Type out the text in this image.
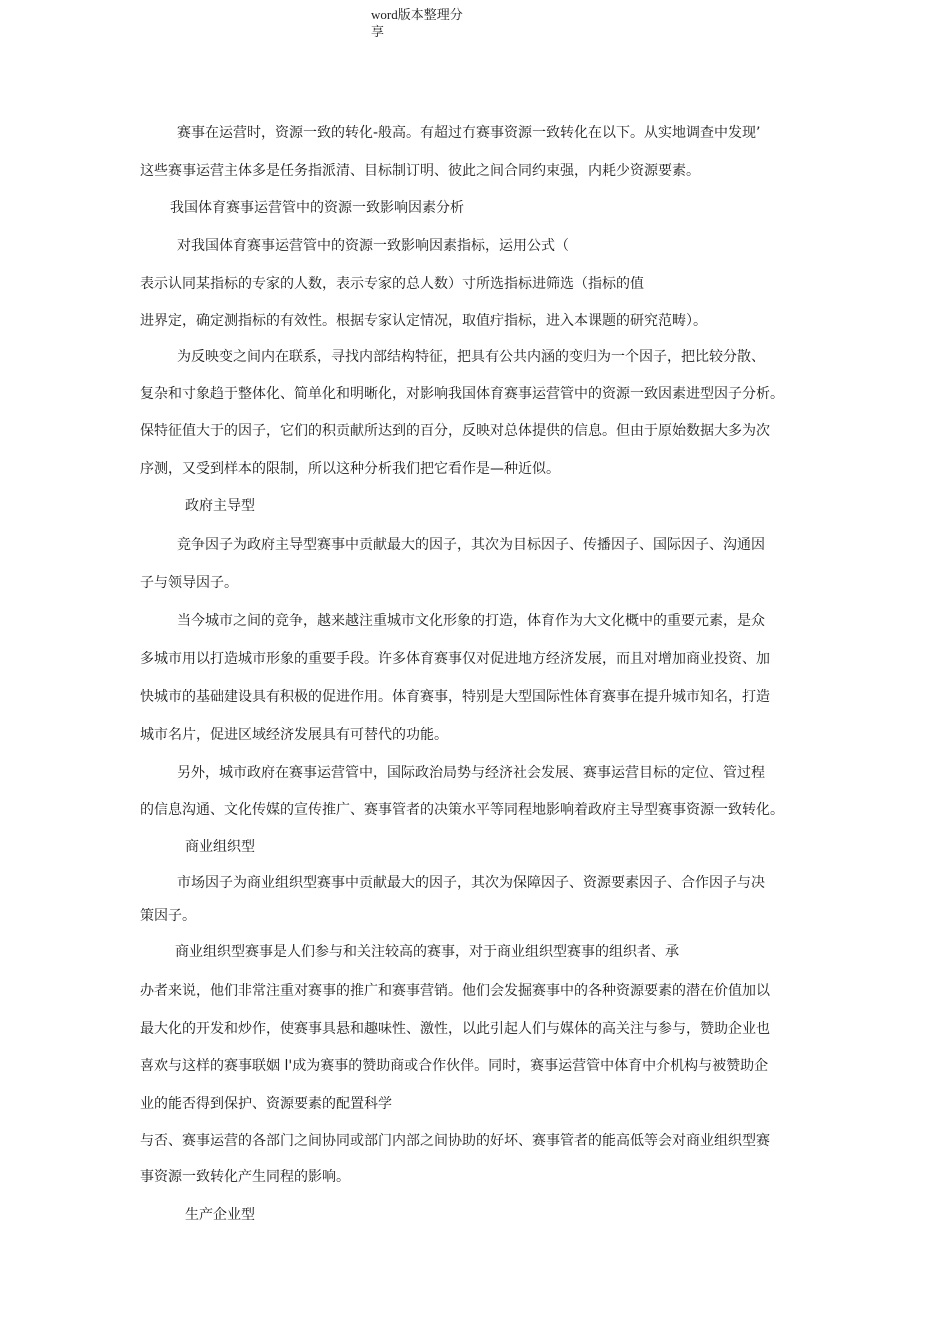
word版本整理分
享
赛事在运营时，资源一致的转化-般高。有超过冇赛事资源一致转化在以下。从实地调查中发现’
这些赛事运营主体多是任务指派清、目标制订明、彼此之间合同约束强，内耗少资源要素。
我国体育赛事运营管中的资源一致影响因素分析
对我国体育赛事运营管中的资源一致影响因素指标，运用公式（
表示认同某指标的专家的人数，表示专家的总人数）寸所选指标进筛选（指标的值
进界定，确定测指标的有效性。根据专家认定情况，取值疔指标，进入本课题的研究范畴）。
为反映变之间内在联系，寻找内部结构特征，把具有公共内涵的变归为一个因子，把比较分散、
复杂和寸象趋于整体化、简单化和明晰化，对影响我国体育赛事运营管中的资源一致因素进型因子分析。
保特征值大于的因子，它们的积贡献所达到的百分，反映对总体提供的信息。但由于原始数据大多为次
序测，又受到样本的限制，所以这种分析我们把它看作是—种近似。
政府主导型
竞争因子为政府主导型赛事中贡献最大的因子，其次为目标因子、传播因子、国际因子、沟通因
子与领导因子。
当今城市之间的竞争，越来越注重城市文化形象的打造，体育作为大文化概中的重要元素，是众
多城市用以打造城市形象的重要手段。许多体育赛事仅对促进地方经济发展，而且对增加商业投资、加
快城市的基础建设具有积极的促进作用。体育赛事，特别是大型国际性体育赛事在提升城市知名，打造
城市名片，促进区域经济发展具有可替代的功能。
另外，城市政府在赛事运营管中，国际政治局势与经济社会发展、赛事运营目标的定位、管过程
的信息沟通、文化传媒的宣传推广、赛事管者的决策水平等同程地影响着政府主导型赛事资源一致转化。
商业组织型
市场因子为商业组织型赛事中贡献最大的因子，其次为保障因子、资源要素因子、合作因子与决
策因子。
商业组织型赛事是人们参与和关注较高的赛事，对于商业组织型赛事的组织者、承
办者来说，他们非常注重对赛事的推广和赛事营销。他们会发掘赛事中的各种资源要素的潜在价值加以
最大化的开发和炒作，使赛事具悬和趣味性、激性，以此引起人们与媒体的高关注与参与，赞助企业也
喜欢与这样的赛事联姻 l'成为赛事的赞助商或合作伙伴。同时，赛事运营管中体育中介机构与被赞助企
业的能否得到保护、资源要素的配置科学
与否、赛事运营的各部门之间协同或部门内部之间协助的好坏、赛事管者的能高低等会对商业组织型赛
事资源一致转化产生同程的影响。
生产企业型
